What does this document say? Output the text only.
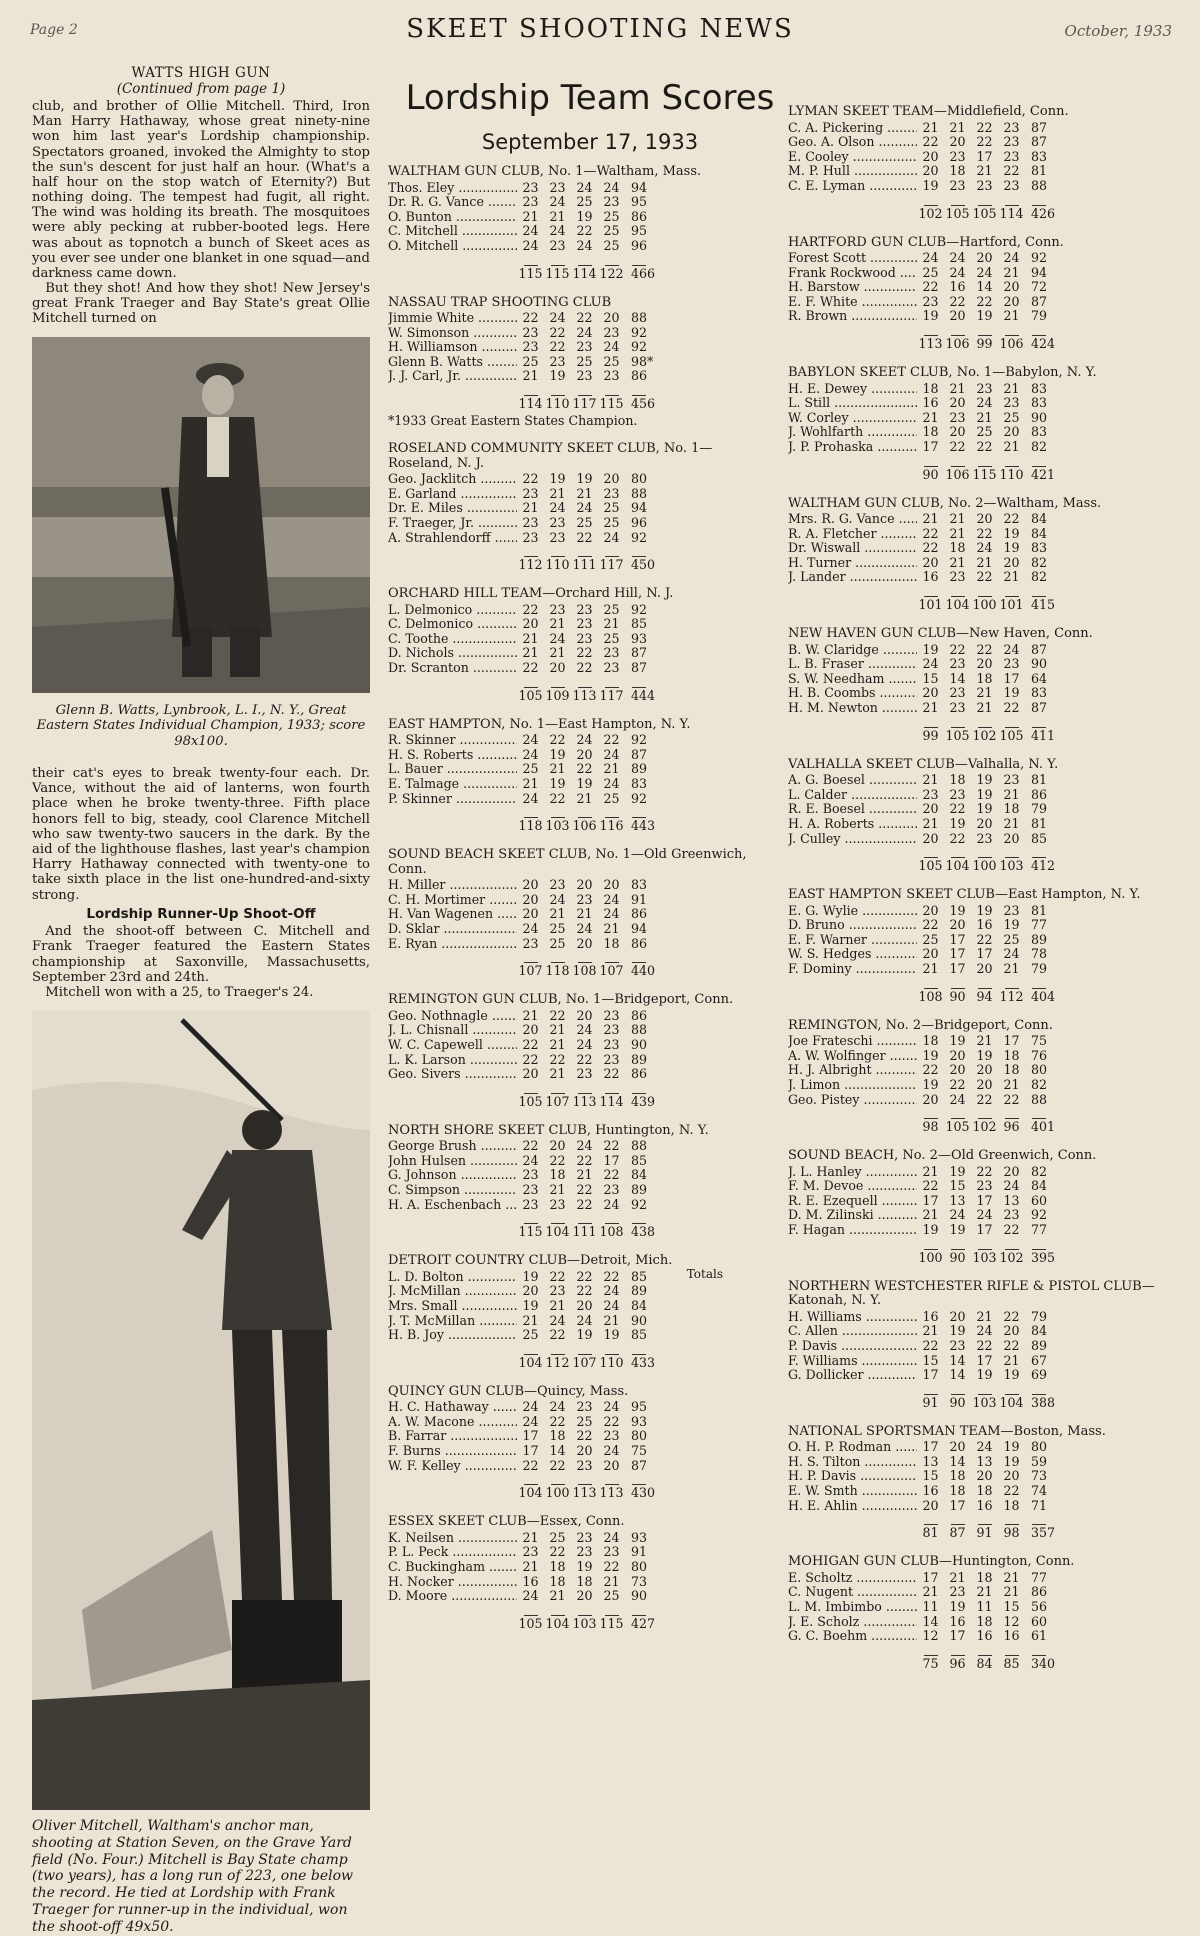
Page 2	SKEET SHOOTING NEWS	October, 1933
WATTS HIGH GUN
(Continued from page 1)

club, and brother of Ollie Mitchell. Third, Iron Man Harry Hathaway, whose great ninety-nine won him last year's Lordship championship. Spectators groaned, invoked the Almighty to stop the sun's descent for just half an hour. (What's a half hour on the stop watch of Eternity?) But nothing doing. The tempest had fugit, all right. The wind was holding its breath. The mosquitoes were ably pecking at rubber-booted legs. Here was about as topnotch a bunch of Skeet aces as you ever see under one blanket in one squad—and darkness came down.

But they shot! And how they shot! New Jersey's great Frank Traeger and Bay State's great Ollie Mitchell turned on

Glenn B. Watts, Lynbrook, L. I., N. Y., Great Eastern States Individual Champion, 1933; score 98x100.

their cat's eyes to break twenty-four each. Dr. Vance, without the aid of lanterns, won fourth place when he broke twenty-three. Fifth place honors fell to big, steady, cool Clarence Mitchell who saw twenty-two saucers in the dark. By the aid of the lighthouse flashes, last year's champion Harry Hathaway connected with twenty-one to take sixth place in the list one-hundred-and-sixty strong.

Lordship Runner-Up Shoot-Off

And the shoot-off between C. Mitchell and Frank Traeger featured the Eastern States championship at Saxonville, Massachusetts, September 23rd and 24th.

Mitchell won with a 25, to Traeger's 24.

Oliver Mitchell, Waltham's anchor man, shooting at Station Seven, on the Grave Yard field (No. Four.) Mitchell is Bay State champ (two years), has a long run of 223, one below the record. He tied at Lordship with Frank Traeger for runner-up in the individual, won the shoot-off 49x50.
Lordship Team Scores
September 17, 1933
WALTHAM GUN CLUB, No. 1—Waltham, Mass.
Thos. Eley .....	23 23 24 24 94
Dr. R. G. Vance .....	23 24 25 23 95
O. Bunton .....	21 21 19 25 86
C. Mitchell .....	24 24 22 25 95
O. Mitchell .....	24 23 24 25 96
115 115 114 122 466
NASSAU TRAP SHOOTING CLUB
Jimmie White .....	22 24 22 20 88
W. Simonson .....	23 22 24 23 92
H. Williamson .....	23 22 23 24 92
Glenn B. Watts .....	25 23 25 25 98*
J. J. Carl, Jr. .....	21 19 23 23 86
114 110 117 115 456
*1933 Great Eastern States Champion.
ROSELAND COMMUNITY SKEET CLUB, No. 1—Roseland, N. J.
Geo. Jacklitch .....	22 19 19 20 80
E. Garland .....	23 21 21 23 88
Dr. E. Miles .....	21 24 24 25 94
F. Traeger, Jr. .....	23 23 25 25 96
A. Strahlendorff .....	23 23 22 24 92
112 110 111 117 450
ORCHARD HILL TEAM—Orchard Hill, N. J.
L. Delmonico .....	22 23 23 25 92
C. Delmonico .....	20 21 23 21 85
C. Toothe .....	21 24 23 25 93
D. Nichols .....	21 21 22 23 87
Dr. Scranton .....	22 20 22 23 87
105 109 113 117 444
EAST HAMPTON, No. 1—East Hampton, N. Y.
R. Skinner .....	24 22 24 22 92
H. S. Roberts .....	24 19 20 24 87
L. Bauer .....	25 21 22 21 89
E. Talmage .....	21 19 19 24 83
P. Skinner .....	24 22 21 25 92
118 103 106 116 443
SOUND BEACH SKEET CLUB, No. 1—Old Greenwich, Conn.
H. Miller .....	20 23 20 20 83
C. H. Mortimer .....	20 24 23 24 91
H. Van Wagenen .....	20 21 21 24 86
D. Sklar .....	24 25 24 21 94
E. Ryan .....	23 25 20 18 86
107 118 108 107 440
REMINGTON GUN CLUB, No. 1—Bridgeport, Conn.
Geo. Nothnagle .....	21 22 20 23 86
J. L. Chisnall .....	20 21 24 23 88
W. C. Capewell .....	22 21 24 23 90
L. K. Larson .....	22 22 22 23 89
Geo. Sivers .....	20 21 23 22 86
105 107 113 114 439
NORTH SHORE SKEET CLUB, Huntington, N. Y.
George Brush .....	22 20 24 22 88
John Hulsen .....	24 22 22 17 85
G. Johnson .....	23 18 21 22 84
C. Simpson .....	23 21 22 23 89
H. A. Eschenbach .....	23 23 22 24 92
115 104 111 108 438
DETROIT COUNTRY CLUB—Detroit, Mich.
Totals
L. D. Bolton .....	19 22 22 22 85
J. McMillan .....	20 23 22 24 89
Mrs. Small .....	19 21 20 24 84
J. T. McMillan .....	21 24 24 21 90
H. B. Joy .....	25 22 19 19 85
104 112 107 110 433
QUINCY GUN CLUB—Quincy, Mass.
H. C. Hathaway .....	24 24 23 24 95
A. W. Macone .....	24 22 25 22 93
B. Farrar .....	17 18 22 23 80
F. Burns .....	17 14 20 24 75
W. F. Kelley .....	22 22 23 20 87
104 100 113 113 430
ESSEX SKEET CLUB—Essex, Conn.
K. Neilsen .....	21 25 23 24 93
P. L. Peck .....	23 22 23 23 91
C. Buckingham .....	21 18 19 22 80
H. Nocker .....	16 18 18 21 73
D. Moore .....	24 21 20 25 90
105 104 103 115 427
LYMAN SKEET TEAM—Middlefield, Conn.
C. A. Pickering .....	21 21 22 23 87
Geo. A. Olson .....	22 20 22 23 87
E. Cooley .....	20 23 17 23 83
M. P. Hull .....	20 18 21 22 81
C. E. Lyman .....	19 23 23 23 88
102 105 105 114 426
HARTFORD GUN CLUB—Hartford, Conn.
Forest Scott .....	24 24 20 24 92
Frank Rockwood .....	25 24 24 21 94
H. Barstow .....	22 16 14 20 72
E. F. White .....	23 22 22 20 87
R. Brown .....	19 20 19 21 79
113 106 99 106 424
BABYLON SKEET CLUB, No. 1—Babylon, N. Y.
H. E. Dewey .....	18 21 23 21 83
L. Still .....	16 20 24 23 83
W. Corley .....	21 23 21 25 90
J. Wohlfarth .....	18 20 25 20 83
J. P. Prohaska .....	17 22 22 21 82
90 106 115 110 421
WALTHAM GUN CLUB, No. 2—Waltham, Mass.
Mrs. R. G. Vance .....	21 21 20 22 84
R. A. Fletcher .....	22 21 22 19 84
Dr. Wiswall .....	22 18 24 19 83
H. Turner .....	20 21 21 20 82
J. Lander .....	16 23 22 21 82
101 104 100 101 415
NEW HAVEN GUN CLUB—New Haven, Conn.
B. W. Claridge .....	19 22 22 24 87
L. B. Fraser .....	24 23 20 23 90
S. W. Needham .....	15 14 18 17 64
H. B. Coombs .....	20 23 21 19 83
H. M. Newton .....	21 23 21 22 87
99 105 102 105 411
VALHALLA SKEET CLUB—Valhalla, N. Y.
A. G. Boesel .....	21 18 19 23 81
L. Calder .....	23 23 19 21 86
R. E. Boesel .....	20 22 19 18 79
H. A. Roberts .....	21 19 20 21 81
J. Culley .....	20 22 23 20 85
105 104 100 103 412
EAST HAMPTON SKEET CLUB—East Hampton, N. Y.
E. G. Wylie .....	20 19 19 23 81
D. Bruno .....	22 20 16 19 77
E. F. Warner .....	25 17 22 25 89
W. S. Hedges .....	20 17 17 24 78
F. Dominy .....	21 17 20 21 79
108 90 94 112 404
REMINGTON, No. 2—Bridgeport, Conn.
Joe Frateschi .....	18 19 21 17 75
A. W. Wolfinger .....	19 20 19 18 76
H. J. Albright .....	22 20 20 18 80
J. Limon .....	19 22 20 21 82
Geo. Pistey .....	20 24 22 22 88
98 105 102 96 401
SOUND BEACH, No. 2—Old Greenwich, Conn.
J. L. Hanley .....	21 19 22 20 82
F. M. Devoe .....	22 15 23 24 84
R. E. Ezequell .....	17 13 17 13 60
D. M. Zilinski .....	21 24 24 23 92
F. Hagan .....	19 19 17 22 77
100 90 103 102 395
NORTHERN WESTCHESTER RIFLE & PISTOL CLUB—Katonah, N. Y.
H. Williams .....	16 20 21 22 79
C. Allen .....	21 19 24 20 84
P. Davis .....	22 23 22 22 89
F. Williams .....	15 14 17 21 67
G. Dollicker .....	17 14 19 19 69
91 90 103 104 388
NATIONAL SPORTSMAN TEAM—Boston, Mass.
O. H. P. Rodman .....	17 20 24 19 80
H. S. Tilton .....	13 14 13 19 59
H. P. Davis .....	15 18 20 20 73
E. W. Smth .....	16 18 18 22 74
H. E. Ahlin .....	20 17 16 18 71
81 87 91 98 357
MOHIGAN GUN CLUB—Huntington, Conn.
E. Scholtz .....	17 21 18 21 77
C. Nugent .....	21 23 21 21 86
L. M. Imbimbo .....	11 19 11 15 56
J. E. Scholz .....	14 16 18 12 60
G. C. Boehm .....	12 17 16 16 61
75 96 84 85 340
